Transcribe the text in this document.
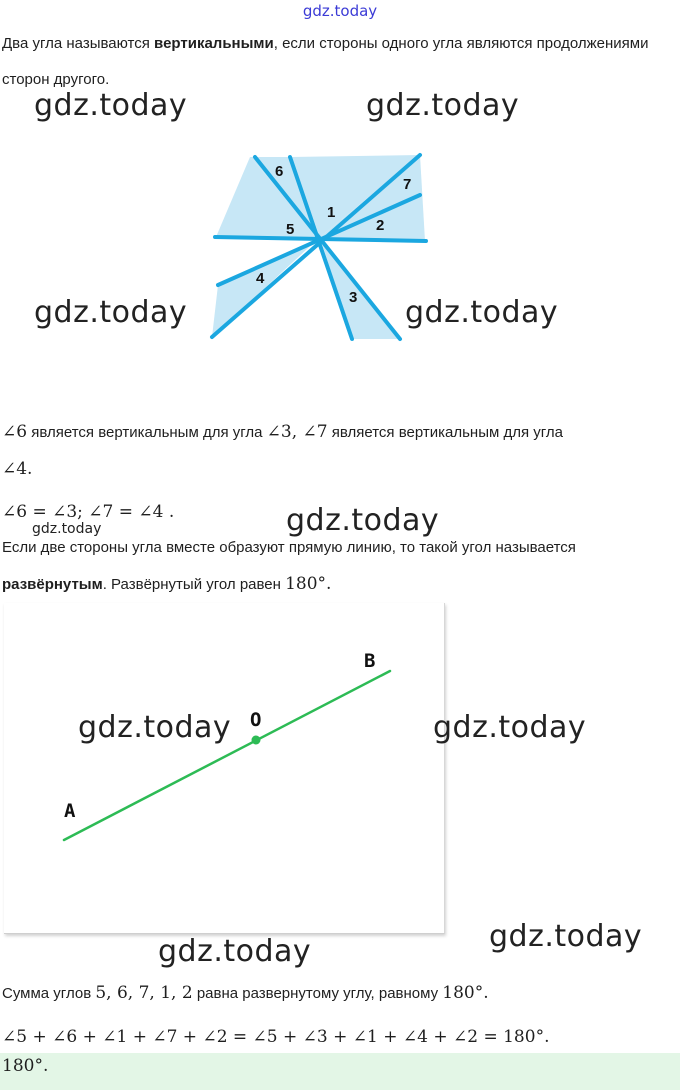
gdz.today
Два угла называются вертикальными, если стороны одного угла являются продолжениями сторон другого.
gdz.today	gdz.today
6
7
1
2
5
4
3
gdz.today	gdz.today
∠6 является вертикальным для угла ∠3, ∠7 является вертикальным для угла
∠4.
∠6 = ∠3; ∠7 = ∠4 .
gdz.today	gdz.today
Если две стороны угла вместе образуют прямую линию, то такой угол называется развёрнутым. Развёрнутый угол равен 180°.
A
O
B
gdz.today	gdz.today
gdz.today
gdz.today
Сумма углов 5, 6, 7, 1, 2 равна развернутому углу, равному 180°.
∠5 + ∠6 + ∠1 + ∠7 + ∠2 = ∠5 + ∠3 + ∠1 + ∠4 + ∠2 = 180°.
180°.
